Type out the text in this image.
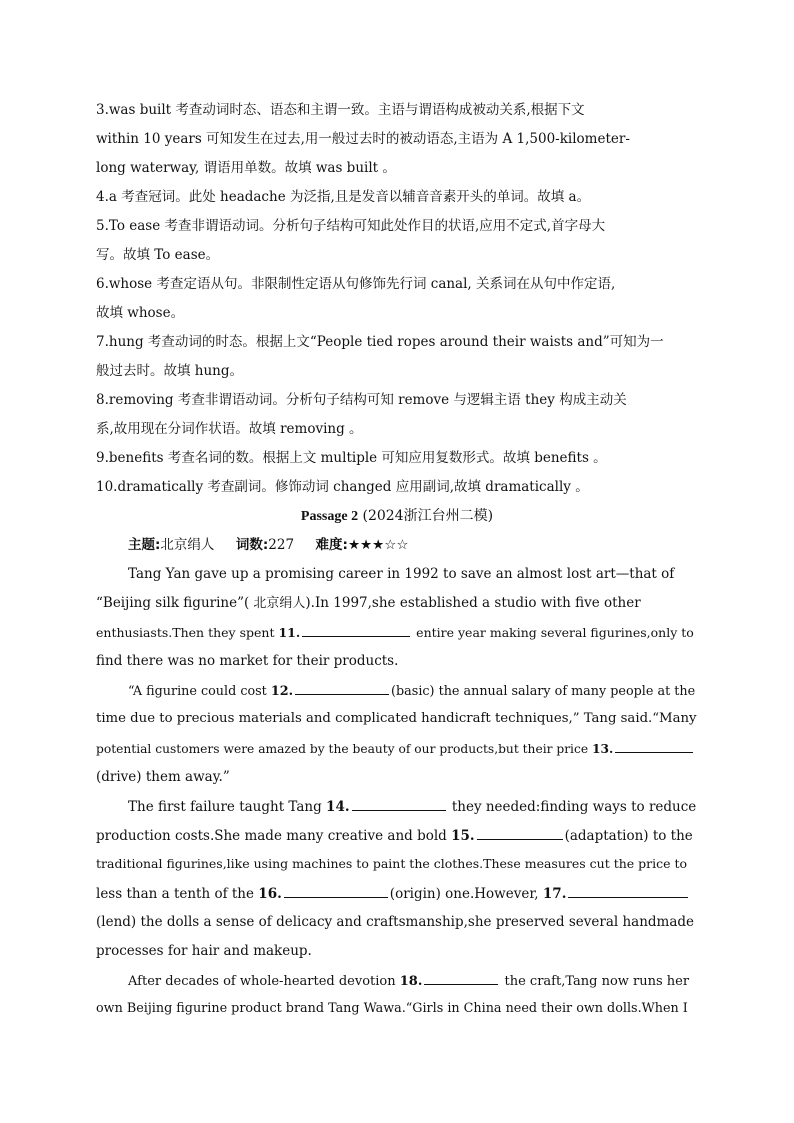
3.was built 考查动词时态、语态和主谓一致。主语与谓语构成被动关系,根据下文
within 10 years 可知发生在过去,用一般过去时的被动语态,主语为 A 1,500-kilometer-
long waterway, 谓语用单数。故填 was built 。
4.a 考查冠词。此处 headache 为泛指,且是发音以辅音音素开头的单词。故填 a。
5.To ease 考查非谓语动词。分析句子结构可知此处作目的状语,应用不定式,首字母大
写。故填 To ease。
6.whose 考查定语从句。非限制性定语从句修饰先行词 canal, 关系词在从句中作定语,
故填 whose。
7.hung 考查动词的时态。根据上文“People tied ropes around their waists and”可知为一
般过去时。故填 hung。
8.removing 考查非谓语动词。分析句子结构可知 remove 与逻辑主语 they 构成主动关
系,故用现在分词作状语。故填 removing 。
9.benefits 考查名词的数。根据上文 multiple 可知应用复数形式。故填 benefits 。
10.dramatically 考查副词。修饰动词 changed 应用副词,故填 dramatically 。
Passage 2 (2024浙江台州二模)
主题:北京绢人 词数:227 难度:★★★☆☆
Tang Yan gave up a promising career in 1992 to save an almost lost art—that of
“Beijing silk figurine”( 北京绢人).In 1997,she established a studio with five other
enthusiasts.Then they spent 11.	entire year making several figurines,only to
find there was no market for their products.
“A figurine could cost 12.	(basic) the annual salary of many people at the
time due to precious materials and complicated handicraft techniques,” Tang said.“Many
potential customers were amazed by the beauty of our products,but their price 13.
(drive) them away.”
The first failure taught Tang 14.	they needed:finding ways to reduce
production costs.She made many creative and bold 15.	(adaptation) to the
traditional figurines,like using machines to paint the clothes.These measures cut the price to
less than a tenth of the 16.	(origin) one.However, 17.
(lend) the dolls a sense of delicacy and craftsmanship,she preserved several handmade
processes for hair and makeup.
After decades of whole-hearted devotion 18.	the craft,Tang now runs her
own Beijing figurine product brand Tang Wawa.“Girls in China need their own dolls.When I
